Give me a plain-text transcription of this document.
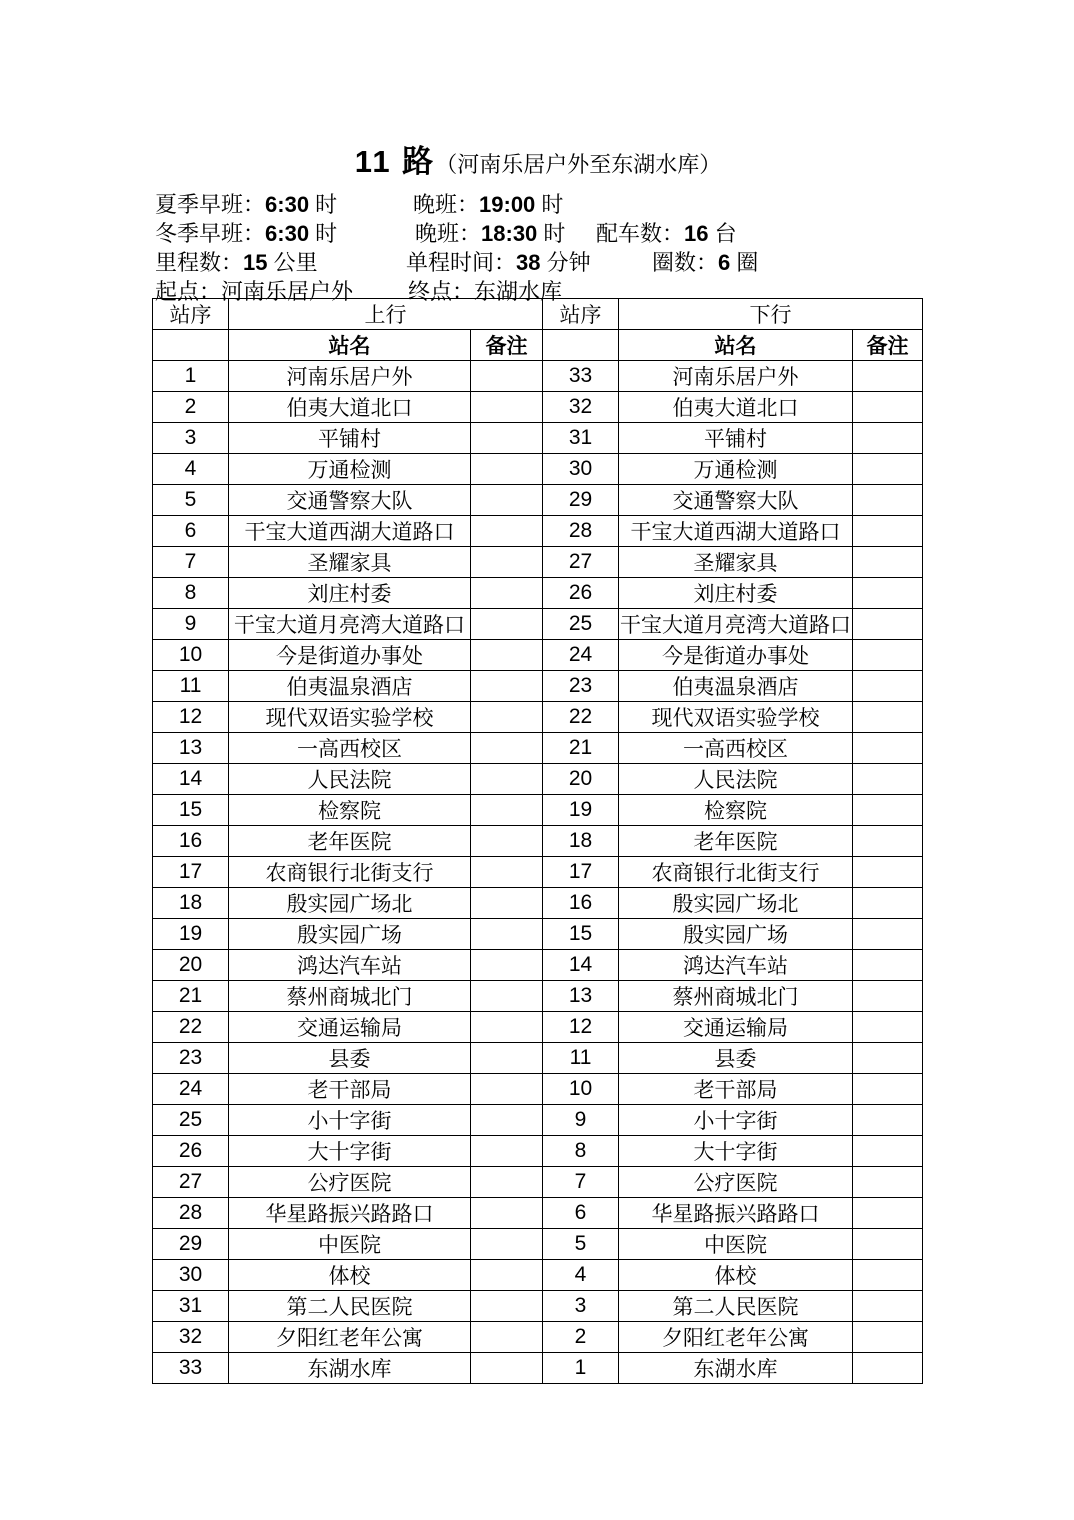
11 路（河南乐居户外至东湖水库）
夏季早班：6:30 时	晚班：19:00 时
冬季早班：6:30 时	晚班：18:30 时 配车数：16 台
里程数：15 公里	单程时间：38 分钟	圈数：6 圈
起点：河南乐居户外 终点：东湖水库
站序	上行		站序	下行	
	站名	备注		站名	备注
1	河南乐居户外		33	河南乐居户外	
2	伯夷大道北口		32	伯夷大道北口	
3	平铺村		31	平铺村	
4	万通检测		30	万通检测	
5	交通警察大队		29	交通警察大队	
6	干宝大道西湖大道路口		28	干宝大道西湖大道路口	
7	圣耀家具		27	圣耀家具	
8	刘庄村委		26	刘庄村委	
9	干宝大道月亮湾大道路口		25	干宝大道月亮湾大道路口	
10	今是街道办事处		24	今是街道办事处	
11	伯夷温泉酒店		23	伯夷温泉酒店	
12	现代双语实验学校		22	现代双语实验学校	
13	一高西校区		21	一高西校区	
14	人民法院		20	人民法院	
15	检察院		19	检察院	
16	老年医院		18	老年医院	
17	农商银行北街支行		17	农商银行北街支行	
18	殷实园广场北		16	殷实园广场北	
19	殷实园广场		15	殷实园广场	
20	鸿达汽车站		14	鸿达汽车站	
21	蔡州商城北门		13	蔡州商城北门	
22	交通运输局		12	交通运输局	
23	县委		11	县委	
24	老干部局		10	老干部局	
25	小十字街		9	小十字街	
26	大十字街		8	大十字街	
27	公疗医院		7	公疗医院	
28	华星路振兴路路口		6	华星路振兴路路口	
29	中医院		5	中医院	
30	体校		4	体校	
31	第二人民医院		3	第二人民医院	
32	夕阳红老年公寓		2	夕阳红老年公寓	
33	东湖水库		1	东湖水库	
